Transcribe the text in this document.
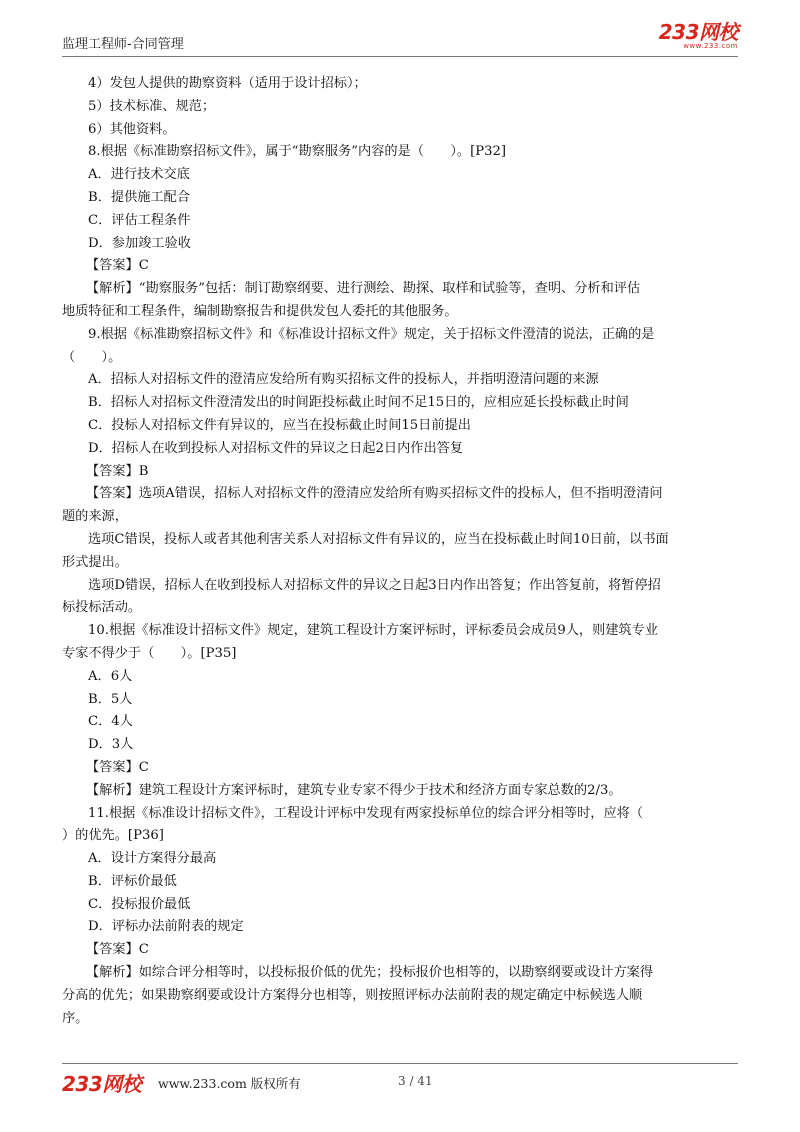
监理工程师-合同管理
233网校
www.233.com
4）发包人提供的勘察资料（适用于设计招标）；
5）技术标准、规范；
6）其他资料。
8.根据《标准勘察招标文件》，属于“勘察服务”内容的是（　　）。[P32]
A．进行技术交底
B．提供施工配合
C．评估工程条件
D．参加竣工验收
【答案】C
【解析】“勘察服务”包括：制订勘察纲要、进行测绘、勘探、取样和试验等，查明、分析和评估
地质特征和工程条件，编制勘察报告和提供发包人委托的其他服务。
9.根据《标准勘察招标文件》和《标准设计招标文件》规定，关于招标文件澄清的说法，正确的是
（　　）。
A．招标人对招标文件的澄清应发给所有购买招标文件的投标人，并指明澄清问题的来源
B．招标人对招标文件澄清发出的时间距投标截止时间不足15日的，应相应延长投标截止时间
C．投标人对招标文件有异议的，应当在投标截止时间15日前提出
D．招标人在收到投标人对招标文件的异议之日起2日内作出答复
【答案】B
【答案】选项A错误，招标人对招标文件的澄清应发给所有购买招标文件的投标人，但不指明澄清问
题的来源，
选项C错误，投标人或者其他利害关系人对招标文件有异议的，应当在投标截止时间10日前，以书面
形式提出。
选项D错误，招标人在收到投标人对招标文件的异议之日起3日内作出答复；作出答复前，将暂停招
标投标活动。
10.根据《标准设计招标文件》规定，建筑工程设计方案评标时，评标委员会成员9人，则建筑专业
专家不得少于（　　）。[P35]
A．6人
B．5人
C．4人
D．3人
【答案】C
【解析】建筑工程设计方案评标时，建筑专业专家不得少于技术和经济方面专家总数的2/3。
11.根据《标准设计招标文件》，工程设计评标中发现有两家投标单位的综合评分相等时，应将（
）的优先。[P36]
A．设计方案得分最高
B．评标价最低
C．投标报价最低
D．评标办法前附表的规定
【答案】C
【解析】如综合评分相等时，以投标报价低的优先；投标报价也相等的，以勘察纲要或设计方案得
分高的优先；如果勘察纲要或设计方案得分也相等，则按照评标办法前附表的规定确定中标候选人顺
序。
233网校 www.233.com 版权所有	3 / 41
